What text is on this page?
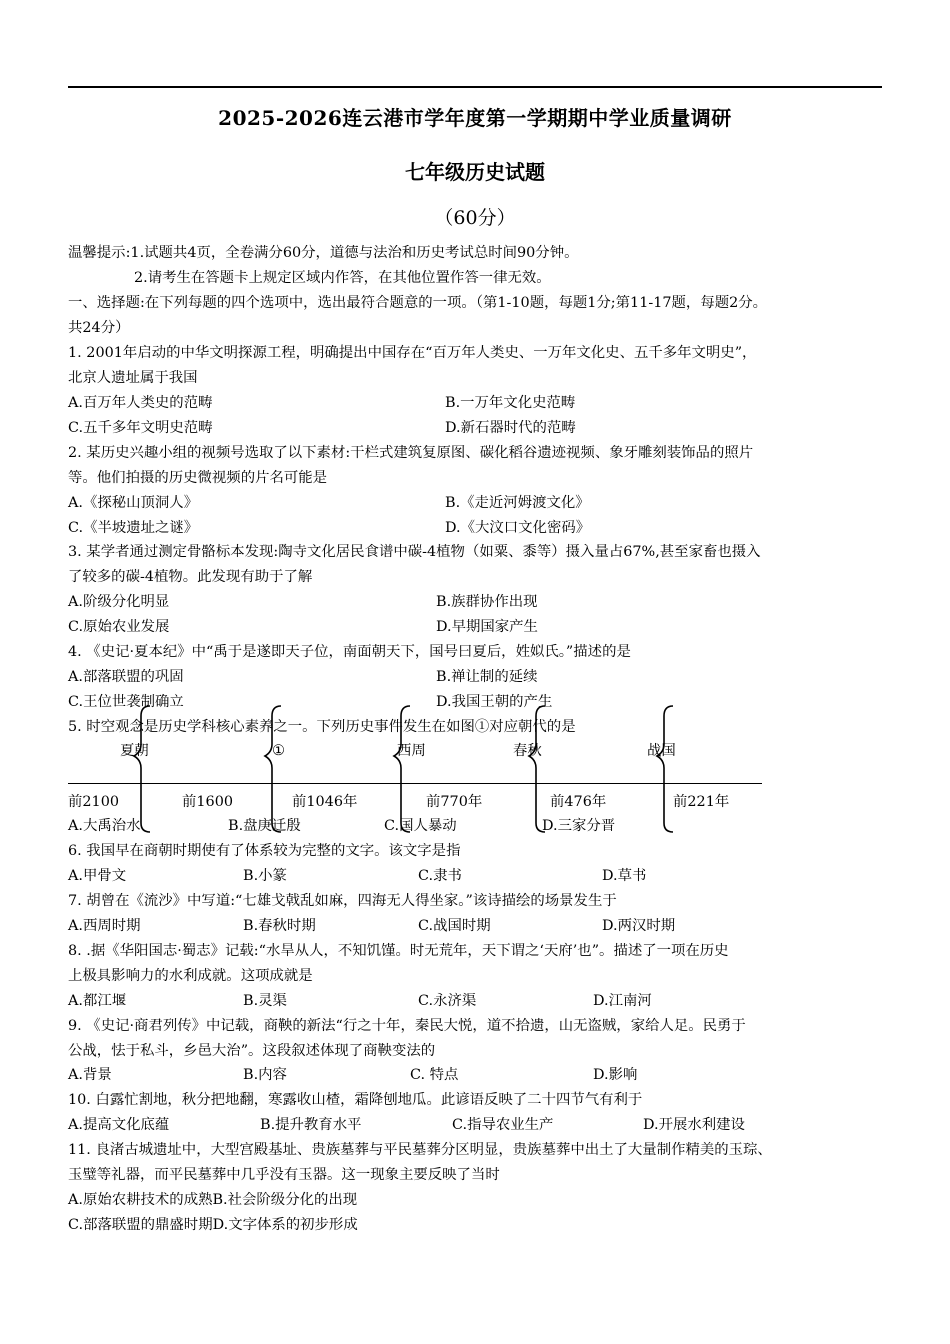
2025-2026连云港市学年度第一学期期中学业质量调研
七年级历史试题
（60分）
温馨提示:1.试题共4页，全卷满分60分，道德与法治和历史考试总时间90分钟。
2.请考生在答题卡上规定区域内作答，在其他位置作答一律无效。
一、选择题:在下列每题的四个选项中，选出最符合题意的一项。（第1-10题，每题1分;第11-17题，每题2分。
共24分）
1. 2001年启动的中华文明探源工程，明确提出中国存在“百万年人类史、一万年文化史、五千多年文明史”，
北京人遗址属于我国
A.百万年人类史的范畴	B.一万年文化史范畴
C.五千多年文明史范畴	D.新石器时代的范畴
2. 某历史兴趣小组的视频号选取了以下素材:干栏式建筑复原图、碳化稻谷遗迹视频、象牙雕刻装饰品的照片
等。他们拍摄的历史微视频的片名可能是
A.《探秘山顶洞人》	B.《走近河姆渡文化》
C.《半坡遗址之谜》	D.《大汶口文化密码》
3. 某学者通过测定骨骼标本发现:陶寺文化居民食谱中碳-4植物（如粟、黍等）摄入量占67%,甚至家畜也摄入
了较多的碳-4植物。此发现有助于了解
A.阶级分化明显	B.族群协作出现
C.原始农业发展	D.早期国家产生
4. 《史记·夏本纪》中“禹于是遂即天子位，南面朝天下，国号曰夏后，姓姒氏。”描述的是
A.部落联盟的巩固	B.禅让制的延续
C.王位世袭制确立	D.我国王朝的产生
5. 时空观念是历史学科核心素养之一。下列历史事件发生在如图①对应朝代的是
夏朝	①	西周	春秋	战国
前2100	前1600	前1046年	前770年	前476年	前221年
A.大禹治水	B.盘庚迁殷	C.国人暴动	D.三家分晋
6. 我国早在商朝时期使有了体系较为完整的文字。该文字是指
A.甲骨文	B.小篆	C.隶书	D.草书
7. 胡曾在《流沙》中写道:“七雄戈戟乱如麻，四海无人得坐家。”该诗描绘的场景发生于
A.西周时期	B.春秋时期	C.战国时期	D.两汉时期
8. .据《华阳国志·蜀志》记载:“水旱从人，不知饥馑。时无荒年，天下谓之‘天府’也”。描述了一项在历史
上极具影响力的水利成就。这项成就是
A.都江堰	B.灵渠	C.永济渠	D.江南河
9. 《史记·商君列传》中记载，商鞅的新法“行之十年，秦民大悦，道不拾遗，山无盗贼，家给人足。民勇于
公战，怯于私斗，乡邑大治”。这段叙述体现了商鞅变法的
A.背景	B.内容	C. 特点	D.影响
10. 白露忙割地，秋分把地翻，寒露收山楂，霜降刨地瓜。此谚语反映了二十四节气有利于
A.提高文化底蕴	B.提升教育水平	C.指导农业生产	D.开展水利建设
11. 良渚古城遗址中，大型宫殿基址、贵族墓葬与平民墓葬分区明显，贵族墓葬中出土了大量制作精美的玉琮、
玉璧等礼器，而平民墓葬中几乎没有玉器。这一现象主要反映了当时
A.原始农耕技术的成熟B.社会阶级分化的出现
C.部落联盟的鼎盛时期D.文字体系的初步形成
